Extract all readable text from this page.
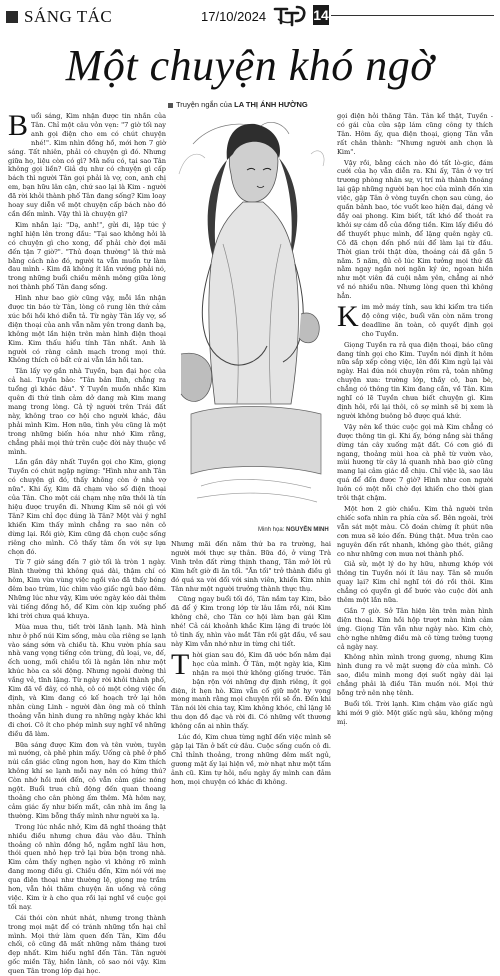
SÁNG TÁC	17/10/2024	14
Một chuyện khó ngờ
Truyện ngắn của LA THỊ ÁNH HƯỜNG

Buổi sáng, Kim nhận được tin nhắn của Tân. Chỉ một câu vỏn vẹn: "7 giờ tối nay anh gọi điện cho em có chút chuyện nhé!". Kim nhìn đồng hồ, mới hơn 7 giờ sáng. Tất nhiên, phải có chuyện gì đó. Nhưng giữa họ, liệu còn có gì? Mà nếu có, tại sao Tân không gọi liền? Giả dụ như có chuyện gì cấp bách thì người Tân gọi phải là vợ, con, anh chị em, bạn hữu lân cận, chứ sao lại là Kim - người đã rời khỏi thành phố Tân đang sống? Kim loay hoay suy diễn về một chuyện cấp bách nào đó cần đến mình. Vậy thì là chuyện gì?

Kim nhắn lại: "Dạ, anh!", gửi đi, lập tức ý nghĩ hiện lên trong đầu: "Tại sao không hỏi là có chuyện gì cho xong, để phải chờ đợi mãi đến tận 7 giờ?". "Thủ đoạn thường" là thứ mà bằng cách nào đó, người ta vẫn muốn tự làm đau mình - Kim đã không ít lần vướng phải nó, trong những buổi chiều mênh mông giữa lòng nơi thành phố Tân đang sống.

Hình như bao giờ cũng vậy, mỗi lần nhận được tin báo từ Tân, lòng cô rung lên thứ cảm xúc bồi hồi khó diễn tả. Từ ngày Tân lấy vợ, số điện thoại của anh vẫn nằm yên trong danh bạ, không một lần hiện trên màn hình điện thoại Kim. Kim thấu hiểu tính Tân nhất. Anh là người có ràng cảnh mạch trong mọi thứ. Không thích cô bất cứ ai vẫn lần hồi tan.

Tân lấy vợ gần nhà Tuyền, bạn đại học của cả hai. Tuyền bảo: "Tân bản lĩnh, chẳng ra tuổng gì khác đâu". Ý Tuyền muốn nhắc Kim quên đi thứ tình cảm dở dang mà Kim mang mang trong lòng. Cả tỷ người trên Trái đất này, không trao cơ hội cho người khác, đâu phải mình Kim. Hơn nữa, tình yêu cũng là một trong những biến hóa như nhớ Kim rằng, chẳng phải mọi thứ trên cuộc đời này thuộc về mình.

Lần gần đây nhất Tuyền gọi cho Kim, giọng Tuyền có chút ngập ngừng: "Hình như anh Tân có chuyện gì đó, thấy không còn ở nhà vợ nữa". Khi ấy, Kim đã chạm vào số điện thoại của Tân. Cho một cái chạm nhẹ nữa thôi là tín hiệu được truyền đi. Nhưng Kim sẽ nói gì với Tân? Kim chỉ đọc đúng là Tân? Một vài ý nghĩ khiến Kim thấy mình chẳng ra sao nên cô dừng lại. Rồi giờ, Kim cũng đã chọn cuộc sống riêng cho mình. Cô thấy tâm ổn với sự lựa chọn đó.

Từ 7 giờ sáng đến 7 giờ tối là tròn 1 ngày. Bình thường thì không quá dài, thậm chí có hôm, Kim vừa vùng việc ngồi vào đã thấy bóng đêm bao trùm, lúc chìm vào giấc ngủ bao đêm. Những lúc như vậy, Kim ước ngày kéo dài thêm vài tiếng đồng hồ, để Kim còn kịp xuống phố khi trời chưa quá khuya.

Mùa mưa thu, tiết trời lãnh lạnh. Mà hình như ở phố núi Kim sống, màu của riêng se lạnh vào sáng sớm và chiều tà. Khu vườn phía sau nhà vang vọng tiếng côn trùng, đủ loại, ve, dế, ếch uong, mối chiều tối là ngân lên như một khúc hòa ca sôi động. Nhưng ngoài đường thì vắng vẻ, tĩnh lặng. Từ ngày rời khỏi thành phố, Kim đã về đây, có nhà, cô có một công việc ổn định, và Kim đang có kế hoạch trở lại hôn nhân cùng Linh - người đàn ông mà cô thỉnh thoảng vẫn hình dung ra những ngày khác khi đi chơi. Cô ít cho phép mình suy nghĩ về những điều đã làm.

Bữa sáng được Kim đơn và tên vườn, tuyên mì nướng, cà phê phin mấy. Uống cà phê ở phố núi cần giác cũng ngon hơn, hay do Kim thích không khí se lạnh mỗi nay nên có hứng thú? Còn nhớ hồi mới đến, cô vẫn cảm giác nóng ngột. Buổi trưa chủ động đến quan thoang thoảng cho cân phòng ấm thêm. Mà hôm nay, cảm giác ấy như biến mất, căn nhà im ắng lạ thường. Kim bỗng thấy mình như người xa lạ.

Trong lúc nhắc nhở, Kim đã nghĩ thoáng thật nhiều điều nhưng chưa đâu vào đâu. Thỉnh thoảng cô nhìn đồng hồ, ngẫm nghĩ lâu hơn, thói quen nhỏ hẹp trở lại bừa bộn trong nhà. Kim cảm thấy nghẹn ngào vì không rõ mình đang mong điều gì. Chiều đến, Kim nói với mẹ qua điện thoại như thường lệ, giọng mẹ trầm hơn, vẫn hỏi thăm chuyện ăn uống và công việc. Kim ừ à cho qua rồi lại nghĩ về cuộc gọi tối nay.

Cái thói còn nhút nhát, nhưng trong thành trong mọi mặt để có tránh những tổn hại chỉ mình. Mọi thứ làm quen đến Tân, Kim đều chối, cô cũng đã mất những năm tháng tươi đẹp nhất. Kim hiểu nghĩ đến Tân. Tân người gốc miền Tây, hiền lành, cô sao nói vậy. Kim quen Tân trong lớp đại học.

Minh họa: NGUYỄN MINH

Nhưng mãi đến năm thứ ba ra trường, hai người mới thực sự thân. Bữa đó, ở vùng Trà Vinh trên đất rừng thịnh thang, Tân mở lời rủ Kim hết giờ đi ăn tối. "Ăn tối" trở thành điều gì đó quá xa vời đối với sinh viên, khiến Kim nhìn Tân như một người trưởng thành thực thụ.

Cũng ngay buổi tối đó, Tân nắm tay Kim, bảo đã để ý Kim trong lớp từ lâu lắm rồi, nói Kim không chê, cho Tân cơ hội làm bạn gái Kim nhé! Cả cái khoảnh khắc Kim lặng đi trước lời tỏ tình ấy, nhìn vào mắt Tân rồi gật đầu, về sau này Kim vẫn nhớ như in từng chi tiết.

Thời gian sau đó, Kim đã ước bốn năm đại học của mình. Ở Tân, một ngày kia, Kim nhận ra mọi thứ không giống trước. Tân bận rộn với những dự định riêng, ít gọi điện, ít hẹn hò. Kim vẫn cố giữ một hy vọng mong manh rằng mọi chuyện rồi sẽ ổn. Đến khi Tân nói lời chia tay, Kim không khóc, chỉ lặng lẽ thu dọn đồ đạc và rời đi. Có những vết thương không cần ai nhìn thấy.

Lúc đó, Kim chưa từng nghĩ đến việc mình sẽ gặp lại Tân ở bất cứ đâu. Cuộc sống cuốn cô đi. Chỉ thỉnh thoảng, trong những đêm mất ngủ, gương mặt ấy lại hiện về, mờ nhạt như một tấm ảnh cũ. Kim tự hỏi, nếu ngày ấy mình can đảm hơn, mọi chuyện có khác đi không.

gọi điện hỏi thăng Tân. Tân kể thật, Tuyền - có gái của cửa sập lám cũng công ty thích Tân. Hôm ấy, qua điện thoại, giọng Tân vẫn rất chân thành: "Nhưng người anh chọn là Kim".

Vậy rồi, bằng cách nào đó tất lò-gic, đám cưới của họ vẫn diễn ra. Khi ấy, Tân ở vợ trí trương phòng nhân sự, vị trí mà thành thoáng lại gặp những người bạn học của mình đến xin việc, gặp Tân ở vòng tuyển chọn sau cùng, áo quần bảnh bao, tóc vuốt keo hiện đại, dáng vẻ đầy oai phong. Kim biết, tất khó để thoát ra khỏi sự cám dỗ của đồng tiền. Kim lấy điều đó để thuyết phục mình, để lặng quên ngày cũ. Cô đã chọn đến phố núi để làm lại từ đầu. Thời gian trôi thật dừa, thoáng cái đã gần 5 năm. 5 năm, đủ cô lúc Kim tưởng mọi thứ đã nằm ngay ngắn nơi ngăn ký ức, ngoan hiền như một viên đá cuội nằm yên, chẳng ai nhớ về nó nhiều nữa. Nhưng lòng quen thì không hẳn.

Kim mở máy tính, sau khi kiểm tra tiến độ công việc, buổi văn còn năm trong deadline ăn toàn, cô quyết định gọi cho Tuyền.

Giọng Tuyền ra rả qua điện thoại, báo cũng đang tính gọi cho Kim. Tuyền nói định ít hôm nữa sắp xếp công việc, lên đồi Kim ngủ lại vài ngày. Hai đứa nói chuyện rôm rả, toàn những chuyện xưa: trường lớp, thầy cô, bạn bè, chẳng có thông tin Kim đang cần, về Tân. Kim nghĩ có lẽ Tuyền chưa biết chuyện gì. Kim định hỏi, rồi lại thôi, cô sợ mình sẽ bị xem là người không buông bỏ được quá khứ.

Vậy nên kể thức cuộc gọi mà Kim chẳng có được thông tin gì. Khi ấy, bóng nắng sài thắng dừng tán cây xuống mặt đất. Có cơn gió đi ngang, thoảng mùi hoa cà phê từ vườn vào, mùi hương từ cây lá quanh nhà bao giờ cũng mang lại cảm giác dễ chịu. Chỉ việc là, sao lâu quá để đến được 7 giờ? Hình như con người luôn có một nỗi chờ đợi khiến cho thời gian trôi thật chậm.

Một hơn 2 giờ chiều. Kim thả người trên chiếc sofa nhìn ra phía cửa sổ. Bên ngoài, trời vẫn sát một màu. Cô đoán chừng ít phút nữa cơn mưa sẽ kéo đến. Đúng thật. Mưa trên cao nguyên đến rất nhanh, không gào thét, giằng co như những cơn mưa nơi thành phố.

Giả sử, một lý do hy hữu, nhưng khớp với thông tin Tuyền nói ít lâu nay. Tân sẽ muốn quay lại? Kim chỉ nghĩ tới đó rồi thôi. Kim chẳng có quyền gì để bước vào cuộc đời anh thêm một lần nữa.

Gần 7 giờ. Sở Tân hiện lên trên màn hình điện thoại. Kim hồi hộp trượt màn hình cảm ứng. Giọng Tân vẫn như ngày nào. Kim chờ, chờ nghe những điều mà cô từng tưởng tượng cả ngày nay.

Không nhìn mình trong gương, nhưng Kim hình dung ra vẻ mặt sượng đờ của mình. Cô sao, điều mình mong đợi suốt ngày dài lại chẳng phải là điều Tân muốn nói. Mọi thứ bỗng trở nên nhẹ tênh.

Buổi tối. Trời lạnh. Kim chậm vào giấc ngủ khi mới 9 giờ. Một giấc ngủ sâu, không mộng mị.
